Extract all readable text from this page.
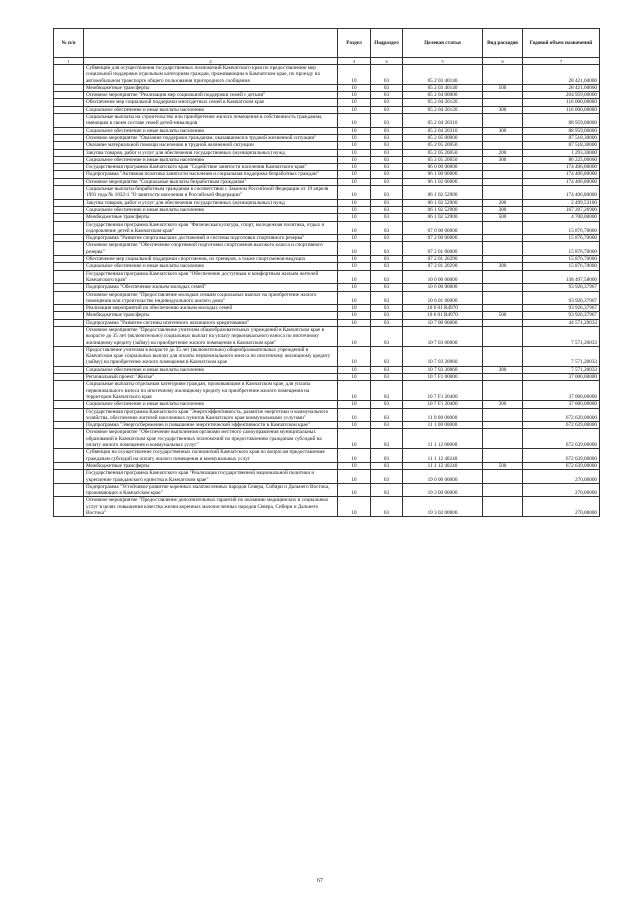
№ п/п		Раздел	Подраздел	Целевая статья	Вид расходов	Годовой объем назначений
1	2	3	4	5	6	7
	Субвенции для осуществления государственных полномочий Камчатского края по предоставлению мер социальной поддержки отдельным категориям граждан, проживающим в Камчатском крае, по проезду на автомобильном транспорте общего пользования пригородного сообщения	10	03	05 2 03 40140		28 421,60000
	Межбюджетные трансферты	10	03	05 2 03 40140	500	28 421,60000
	Основное мероприятие "Реализация мер социальной поддержки семей с детьми"	10	03	05 2 04 00000		204 959,00000
	Обеспечение мер социальной поддержки многодетных семей в Камчатском крае	10	03	05 2 04 20120		116 000,00000
	Социальное обеспечение и иные выплаты населению	10	03	05 2 04 20120	300	116 000,00000
	Социальные выплаты на строительство или приобретение жилого помещения в собственность гражданам, имеющим в своем составе семей детей-инвалидов	10	03	05 2 04 20310		88 959,00000
	Социальное обеспечение и иные выплаты населению	10	03	05 2 04 20310	300	88 959,00000
	Основное мероприятие "Оказание поддержки гражданам, оказавшимся в трудной жизненной ситуации"	10	03	05 2 05 00000		87 518,30000
	Оказание материальной помощи населению в трудной жизненной ситуации	10	03	05 2 05 20050		87 518,30000
	Закупка товаров, работ и услуг для обеспечения государственных (муниципальных) нужд	10	03	05 2 05 20050	200	1 293,30000
	Социальное обеспечение и иные выплаты населению	10	03	05 2 05 20050	300	86 225,00000
	Государственная программа Камчатского края "Содействие занятости населения Камчатского края"	10	03	06 0 00 00000		174 406,80000
	Подпрограмма "Активная политика занятости населения и социальная поддержка безработных граждан"	10	03	06 1 00 00000		174 406,80000
	Основное мероприятие "Социальные выплаты безработным гражданам"	10	03	06 1 02 00000		174 406,80000
	Социальные выплаты безработным гражданам в соответствии с Законом Российской Федерации от 19 апреля 1991 года № 1032-1 "О занятости населения в Российской Федерации"	10	03	06 1 02 52900		174 406,80000
	Закупка товаров, работ и услуг для обеспечения государственных (муниципальных) нужд	10	03	06 1 02 52900	200	2 499,53100
	Социальное обеспечение и иные выплаты населению	10	03	06 1 02 52900	300	167 207,26900
	Межбюджетные трансферты	10	03	06 1 02 52900	500	4 700,00000
	Государственная программа Камчатского края "Физическая культура, спорт, молодежная политика, отдых и оздоровление детей в Камчатском крае"	10	03	07 0 00 00000		15 876,70000
	Подпрограмма "Развитие спорта высших достижений и системы подготовки спортивного резерва"	10	03	07 2 00 00000		15 876,70000
	Основное мероприятие "Обеспечение спортивной подготовки спортсменов высокого класса и спортивного резерва"	10	03	07 2 01 00000		15 876,70000
	Обеспечение мер социальной поддержки спортсменов, их тренеров, а также спортсменов-ведущих	10	03	07 2 01 20290		15 876,70000
	Социальное обеспечение и иные выплаты населению	10	03	07 2 01 20290	300	15 876,70000
	Государственная программа Камчатского края "Обеспечение доступным и комфортным жильем жителей Камчатского края"	10	03	10 0 00 00000		138 497,58000
	Подпрограмма "Обеспечение жильем молодых семей"	10	03	10 6 00 00000		93 926,37967
	Основное мероприятие "Предоставление молодым семьям социальных выплат на приобретение жилого помещения или строительство индивидуального жилого дома"	10	03	10 6 01 00000		93 926,37967
	Реализация мероприятий по обеспечению жильем молодых семей	10	03	10 6 01 R4970		93 926,37967
	Межбюджетные трансферты	10	03	10 6 01 R4970	500	93 926,37967
	Подпрограмма "Развитие системы ипотечного жилищного кредитования"	10	03	10 7 00 00000		44 571,20033
	Основное мероприятие "Предоставление учителям общеобразовательных учреждений в Камчатском крае в возрасте до 35 лет (включительно) социальных выплат на уплату первоначального взноса по ипотечному жилищному кредиту (займу) на приобретение жилого помещения в Камчатском крае"	10	03	10 7 03 00000		7 571,20033
	Предоставление учителям в возрасте до 35 лет (включительно) общеобразовательных учреждений в Камчатском крае социальных выплат для оплаты первоначального взноса по ипотечному жилищному кредиту (займу) на приобретение жилого помещения в Камчатском крае	10	03	10 7 03 20060		7 571,20033
	Социальное обеспечение и иные выплаты населению	10	03	10 7 03 20060	300	7 571,20033
	Региональный проект "Жилье"	10	03	10 7 F1 00000		37 000,00000
	Социальные выплаты отдельным категориям граждан, проживающим в Камчатском крае, для уплаты первоначального взноса по ипотечному жилищному кредиту на приобретение жилого помещения на территории Камчатского края	10	03	10 7 F1 20400		37 000,00000
	Социальное обеспечение и иные выплаты населению	10	03	10 7 F1 20400	300	37 000,00000
	Государственная программа Камчатского края "Энергоэффективность, развитие энергетики и коммунального хозяйства, обеспечение жителей населенных пунктов Камчатского края коммунальными услугами"	10	03	11 0 00 00000		672 639,00000
	Подпрограмма "Энергосбережение и повышение энергетической эффективности в Камчатском крае"	10	03	11 1 00 00000		672 639,00000
	Основное мероприятие "Обеспечение выполнения органами местного самоуправления муниципальных образований в Камчатском крае государственных полномочий по предоставлению гражданам субсидий на оплату жилого помещения и коммунальных услуг"	10	03	11 1 12 00000		672 639,00000
	Субвенции на осуществление государственных полномочий Камчатского края по вопросам предоставления гражданам субсидий на оплату жилого помещения и коммунальных услуг	10	03	11 1 12 40240		672 639,00000
	Межбюджетные трансферты	10	03	11 1 12 40240	500	672 639,00000
	Государственная программа Камчатского края "Реализация государственной национальной политики и укрепление гражданского единства в Камчатском крае"	10	03	19 0 00 00000		270,00000
	Подпрограмма "Устойчивое развитие коренных малочисленных народов Севера, Сибири и Дальнего Востока, проживающих в Камчатском крае"	10	03	19 3 00 00000		270,00000
	Основное мероприятие "Предоставление дополнительных гарантий по оказанию медицинских и социальных услуг в целях повышения качества жизни коренных малочисленных народов Севера, Сибири и Дальнего Востока"	10	03	19 3 02 00000		270,00000
67
